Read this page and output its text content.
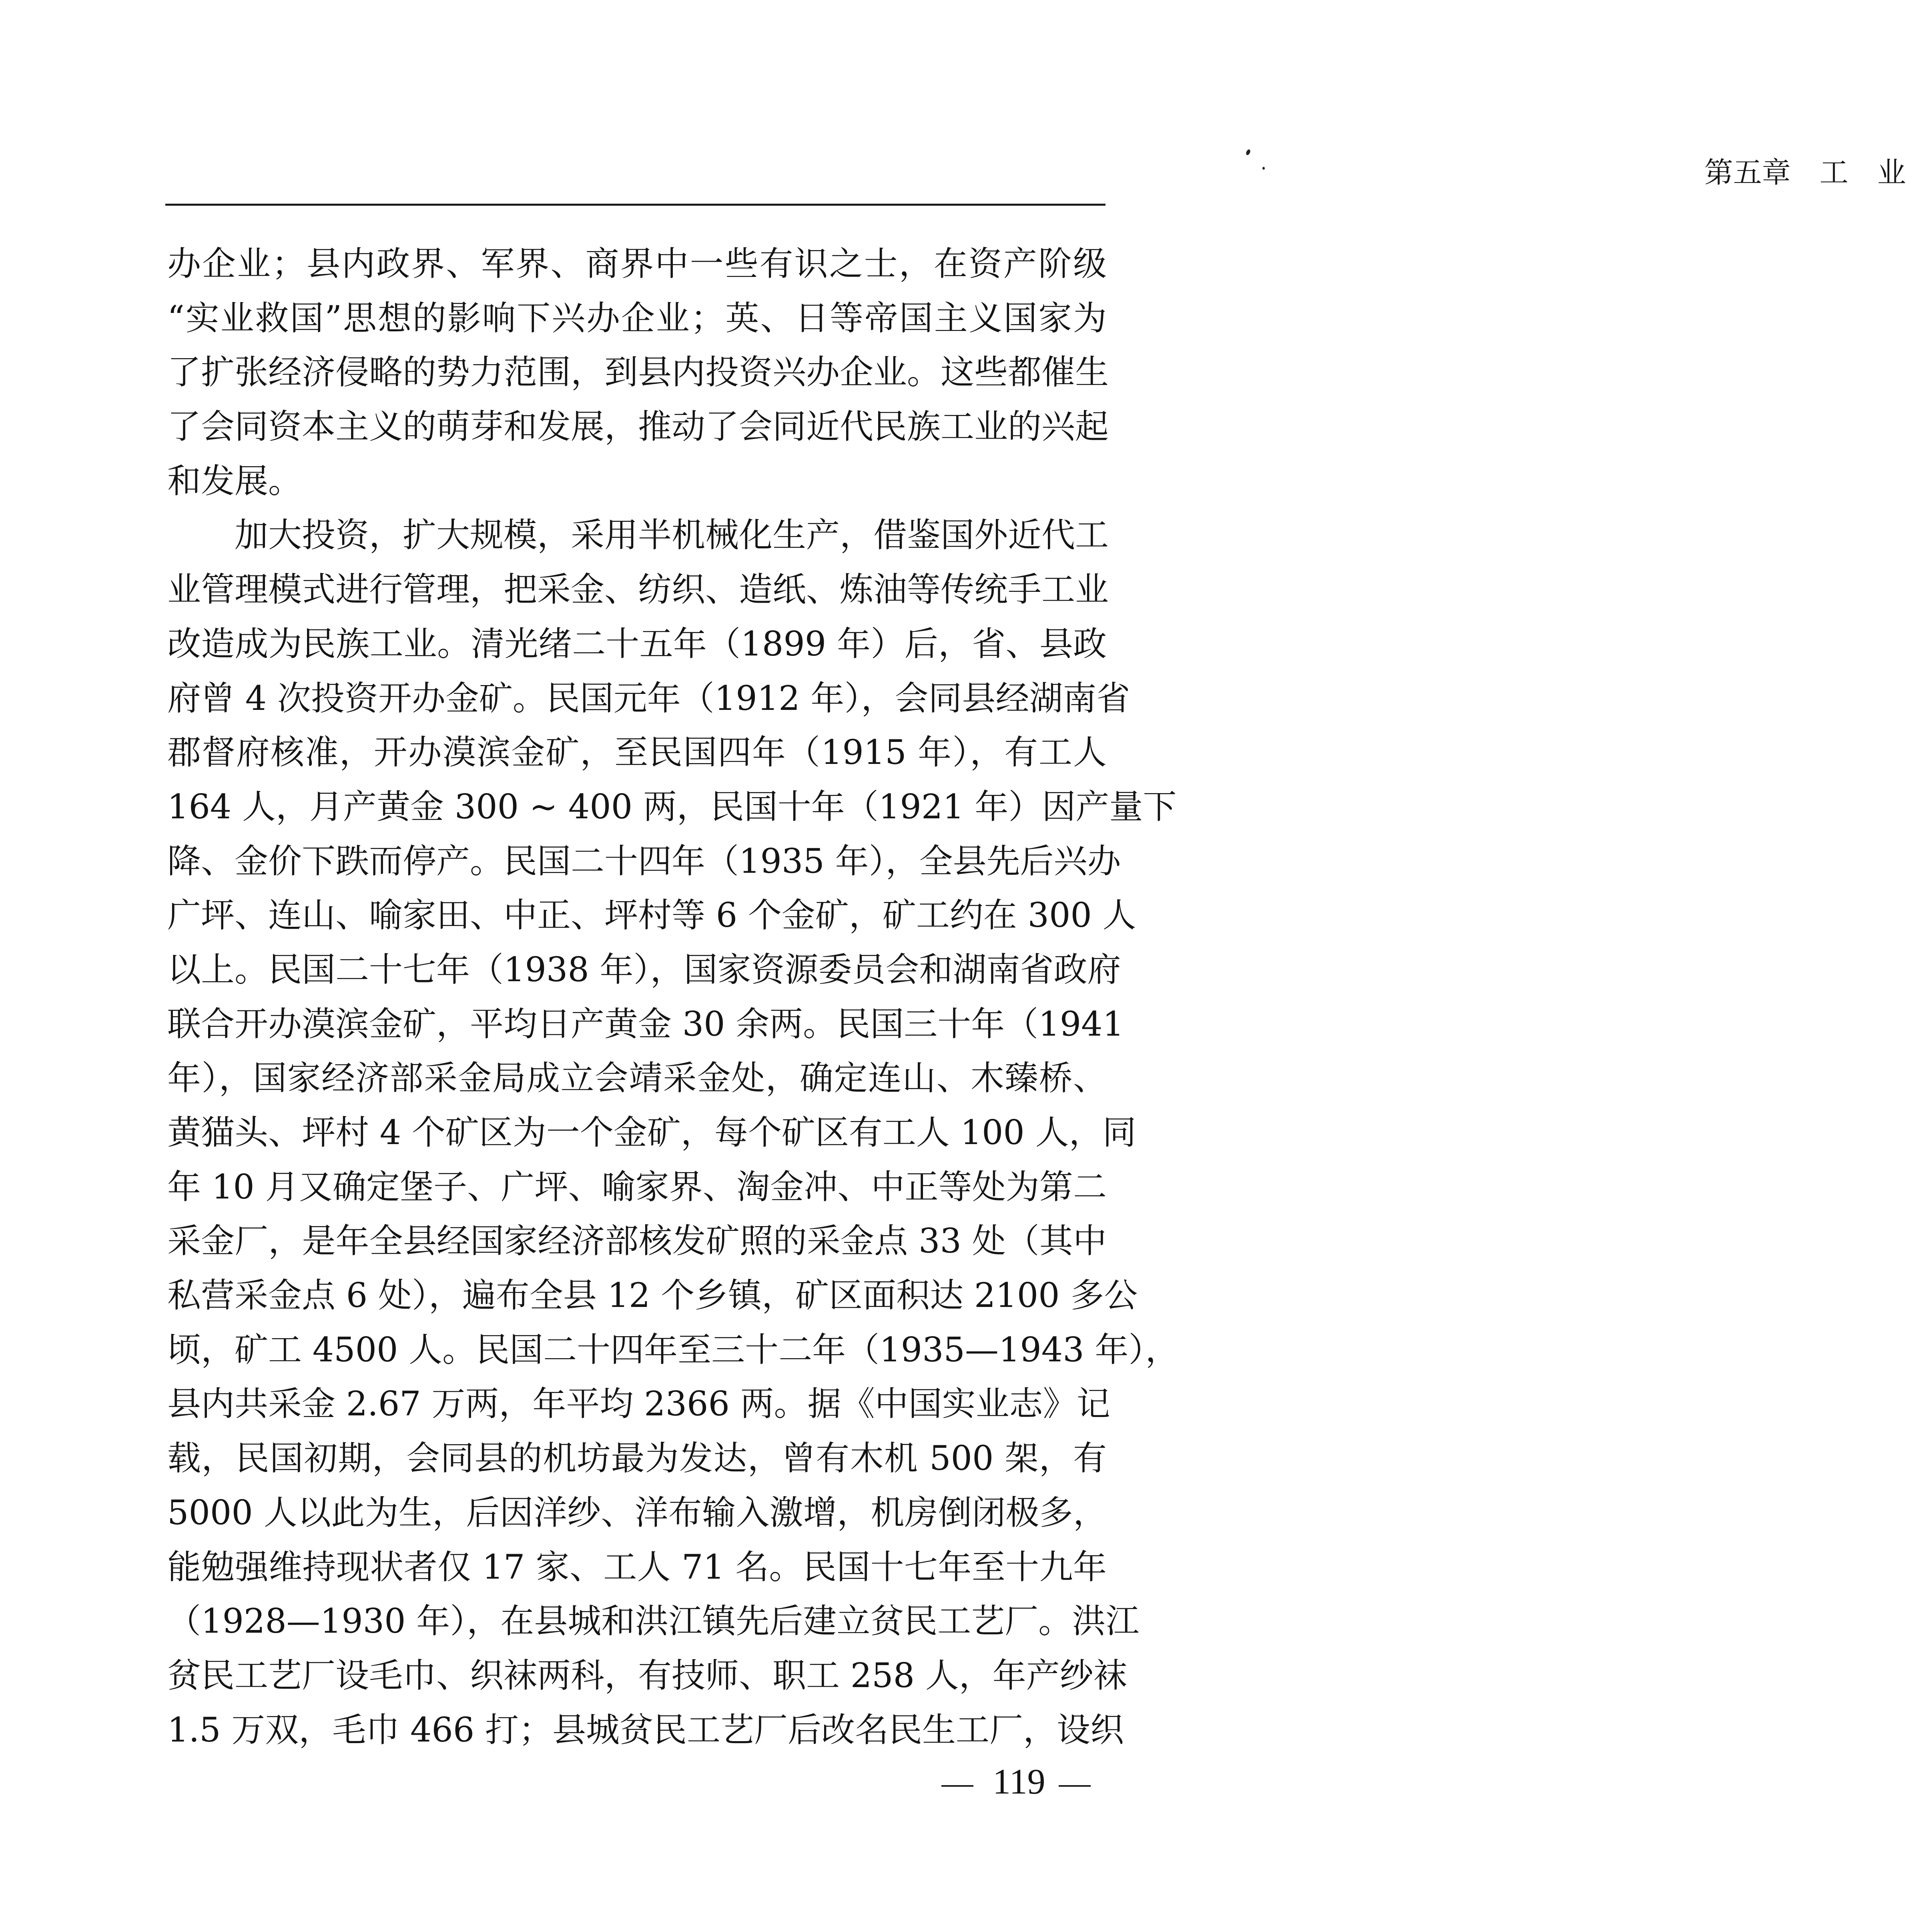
第五章　工　业

办企业；县内政界、军界、商界中一些有识之士，在资产阶级
“实业救国”思想的影响下兴办企业；英、日等帝国主义国家为
了扩张经济侵略的势力范围，到县内投资兴办企业。这些都催生
了会同资本主义的萌芽和发展，推动了会同近代民族工业的兴起
和发展。
加大投资，扩大规模，采用半机械化生产，借鉴国外近代工
业管理模式进行管理，把采金、纺织、造纸、炼油等传统手工业
改造成为民族工业。清光绪二十五年（1899 年）后，省、县政
府曾 4 次投资开办金矿。民国元年（1912 年），会同县经湖南省
郡督府核准，开办漠滨金矿，至民国四年（1915 年），有工人
164 人，月产黄金 300 ~ 400 两，民国十年（1921 年）因产量下
降、金价下跌而停产。民国二十四年（1935 年），全县先后兴办
广坪、连山、喻家田、中正、坪村等 6 个金矿，矿工约在 300 人
以上。民国二十七年（1938 年），国家资源委员会和湖南省政府
联合开办漠滨金矿，平均日产黄金 30 余两。民国三十年（1941
年），国家经济部采金局成立会靖采金处，确定连山、木臻桥、
黄猫头、坪村 4 个矿区为一个金矿，每个矿区有工人 100 人，同
年 10 月又确定堡子、广坪、喻家界、淘金冲、中正等处为第二
采金厂，是年全县经国家经济部核发矿照的采金点 33 处（其中
私营采金点 6 处），遍布全县 12 个乡镇，矿区面积达 2100 多公
顷，矿工 4500 人。民国二十四年至三十二年（1935—1943 年），
县内共采金 2.67 万两，年平均 2366 两。据《中国实业志》记
载，民国初期，会同县的机坊最为发达，曾有木机 500 架，有
5000 人以此为生，后因洋纱、洋布输入激增，机房倒闭极多，
能勉强维持现状者仅 17 家、工人 71 名。民国十七年至十九年
（1928—1930 年），在县城和洪江镇先后建立贫民工艺厂。洪江
贫民工艺厂设毛巾、织袜两科，有技师、职工 258 人，年产纱袜
1.5 万双，毛巾 466 打；县城贫民工艺厂后改名民生工厂，设织
119
